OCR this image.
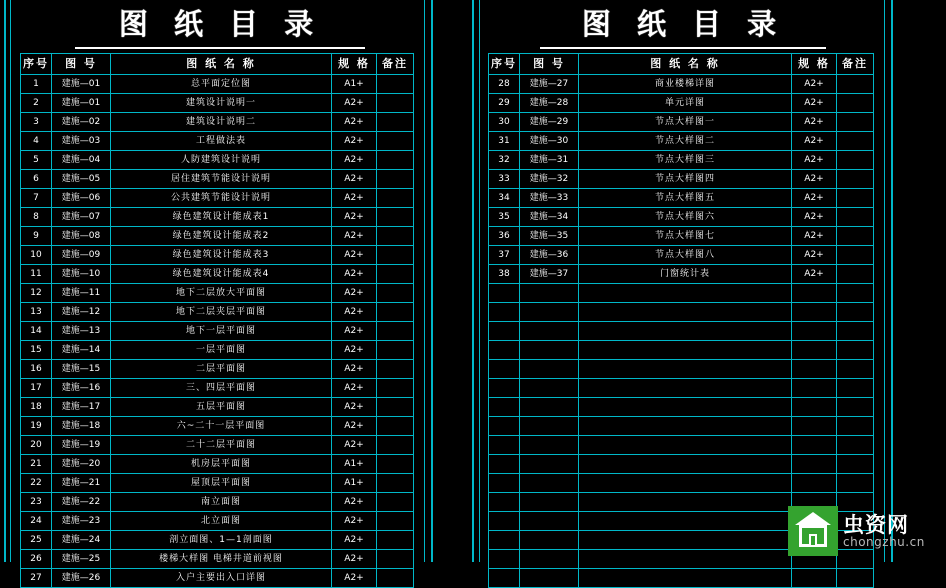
图 纸 目 录
序号	图 号	图 纸 名 称	规 格	备注
1	建施—01	总平面定位图	A1+	
2	建施—01	建筑设计说明一	A2+	
3	建施—02	建筑设计说明二	A2+	
4	建施—03	工程做法表	A2+	
5	建施—04	人防建筑设计说明	A2+	
6	建施—05	居住建筑节能设计说明	A2+	
7	建施—06	公共建筑节能设计说明	A2+	
8	建施—07	绿色建筑设计能成表1	A2+	
9	建施—08	绿色建筑设计能成表2	A2+	
10	建施—09	绿色建筑设计能成表3	A2+	
11	建施—10	绿色建筑设计能成表4	A2+	
12	建施—11	地下二层放大平面图	A2+	
13	建施—12	地下二层夹层平面图	A2+	
14	建施—13	地下一层平面图	A2+	
15	建施—14	一层平面图	A2+	
16	建施—15	二层平面图	A2+	
17	建施—16	三、四层平面图	A2+	
18	建施—17	五层平面图	A2+	
19	建施—18	六~二十一层平面图	A2+	
20	建施—19	二十二层平面图	A2+	
21	建施—20	机房层平面图	A1+	
22	建施—21	屋顶层平面图	A1+	
23	建施—22	南立面图	A2+	
24	建施—23	北立面图	A2+	
25	建施—24	剖立面图、1—1剖面图	A2+	
26	建施—25	楼梯大样图 电梯井道前视图	A2+	
27	建施—26	入户主要出入口详图	A2+	
图 纸 目 录
序号	图 号	图 纸 名 称	规 格	备注
28	建施—27	商业楼梯详图	A2+	
29	建施—28	单元详图	A2+	
30	建施—29	节点大样图一	A2+	
31	建施—30	节点大样图二	A2+	
32	建施—31	节点大样图三	A2+	
33	建施—32	节点大样图四	A2+	
34	建施—33	节点大样图五	A2+	
35	建施—34	节点大样图六	A2+	
36	建施—35	节点大样图七	A2+	
37	建施—36	节点大样图八	A2+	
38	建施—37	门窗统计表	A2+	

虫资网
chongzhu.cn
